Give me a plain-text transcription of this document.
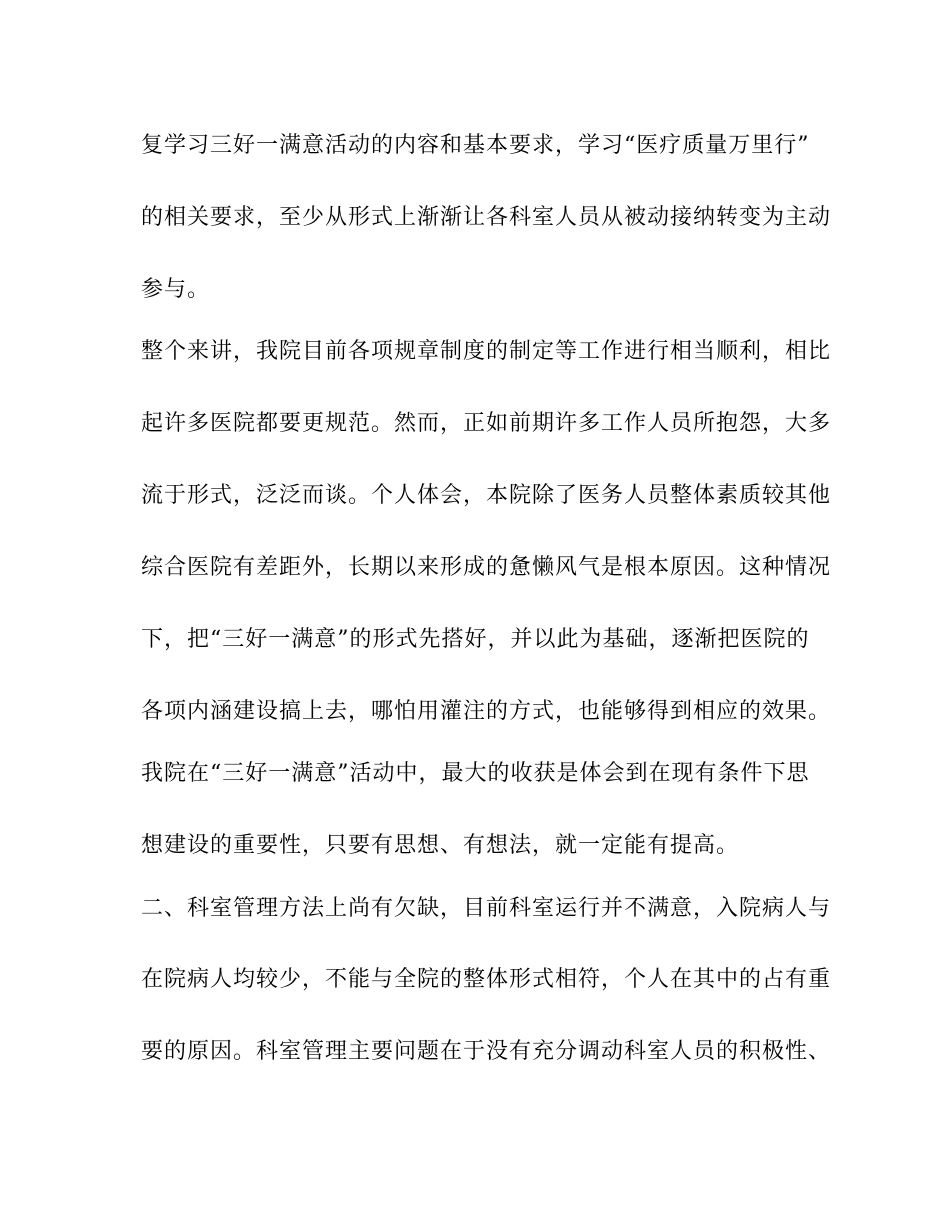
复学习三好一满意活动的内容和基本要求，学习“医疗质量万里行”
的相关要求，至少从形式上渐渐让各科室人员从被动接纳转变为主动
参与。
整个来讲，我院目前各项规章制度的制定等工作进行相当顺利，相比
起许多医院都要更规范。然而，正如前期许多工作人员所抱怨，大多
流于形式，泛泛而谈。个人体会，本院除了医务人员整体素质较其他
综合医院有差距外，长期以来形成的惫懒风气是根本原因。这种情况
下，把“三好一满意”的形式先搭好，并以此为基础，逐渐把医院的
各项内涵建设搞上去，哪怕用灌注的方式，也能够得到相应的效果。
我院在“三好一满意”活动中，最大的收获是体会到在现有条件下思
想建设的重要性，只要有思想、有想法，就一定能有提高。
二、科室管理方法上尚有欠缺，目前科室运行并不满意，入院病人与
在院病人均较少，不能与全院的整体形式相符，个人在其中的占有重
要的原因。科室管理主要问题在于没有充分调动科室人员的积极性、
